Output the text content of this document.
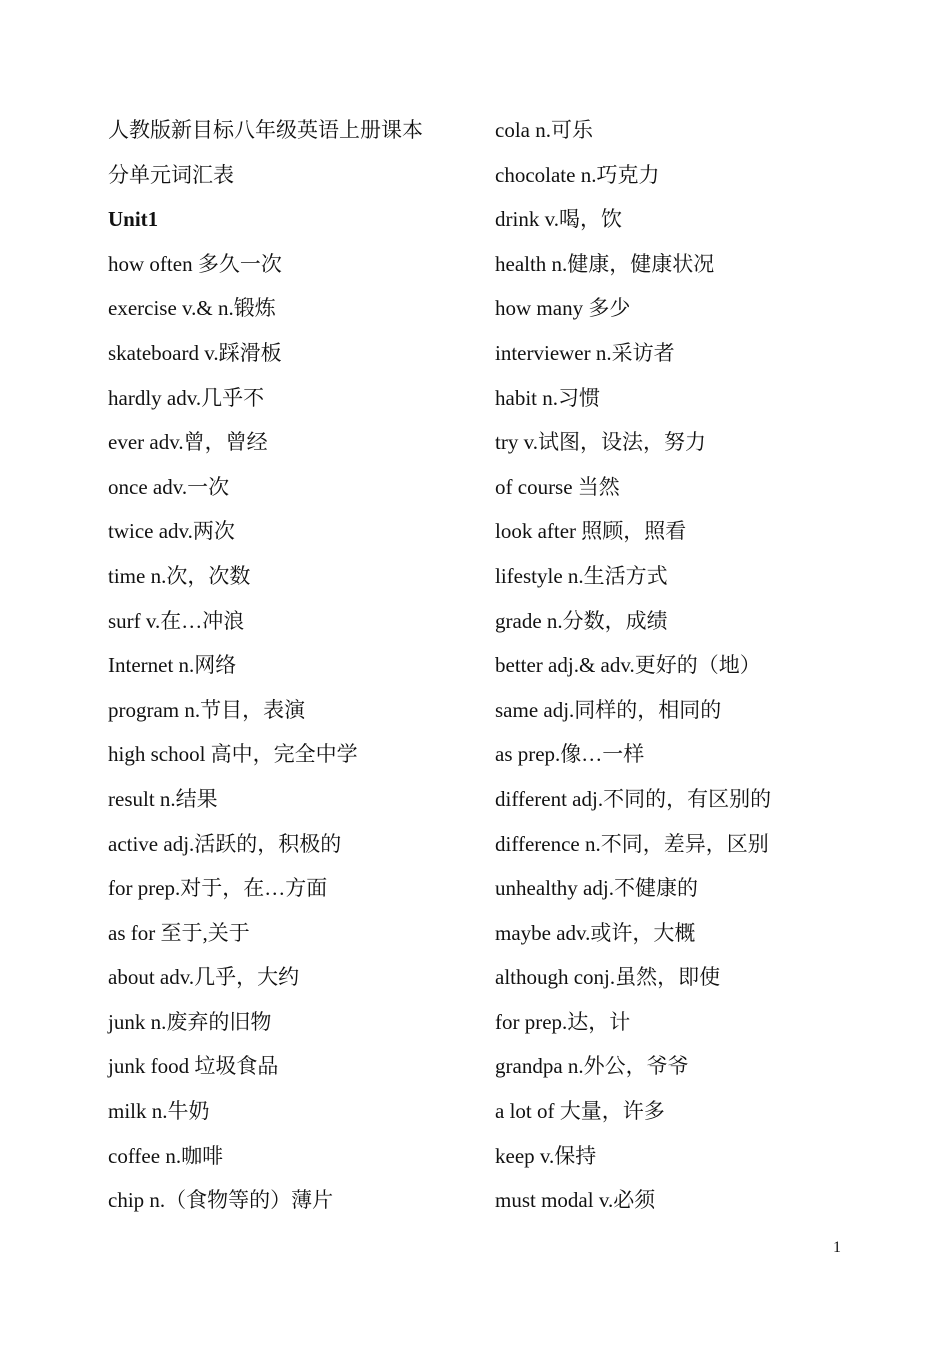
人教版新目标八年级英语上册课本
分单元词汇表
Unit1
how often 多久一次
exercise v.& n.锻炼
skateboard v.踩滑板
hardly adv.几乎不
ever adv.曾，曾经
once adv.一次
twice adv.两次
time n.次，次数
surf v.在…冲浪
Internet n.网络
program n.节目，表演
high school 高中，完全中学
result n.结果
active adj.活跃的，积极的
for prep.对于，在…方面
as for 至于,关于
about adv.几乎，大约
junk n.废弃的旧物
junk food 垃圾食品
milk n.牛奶
coffee n.咖啡
chip n.（食物等的）薄片
cola n.可乐
chocolate n.巧克力
drink v.喝，饮
health n.健康，健康状况
how many 多少
interviewer n.采访者
habit n.习惯
try v.试图，设法，努力
of course 当然
look after 照顾，照看
lifestyle n.生活方式
grade n.分数，成绩
better adj.& adv.更好的（地）
same adj.同样的，相同的
as prep.像…一样
different adj.不同的，有区别的
difference n.不同，差异，区别
unhealthy adj.不健康的
maybe adv.或许，大概
although conj.虽然，即使
for prep.达，计
grandpa n.外公，爷爷
a lot of 大量，许多
keep v.保持
must modal v.必须
1
